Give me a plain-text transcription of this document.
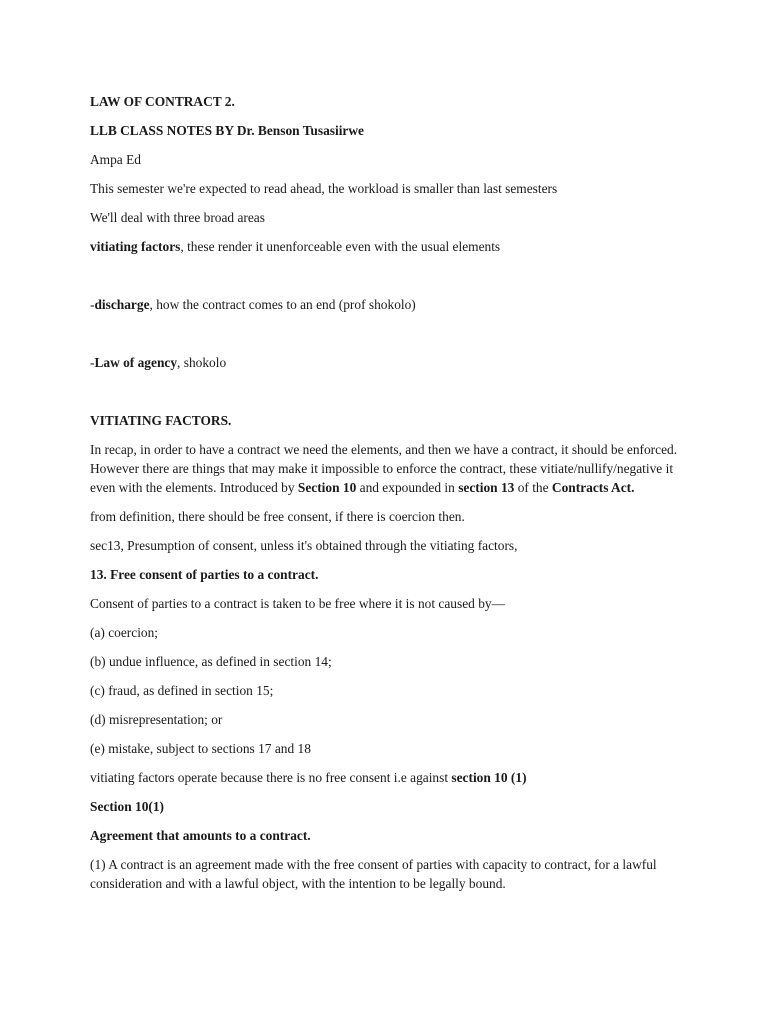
LAW OF CONTRACT 2.

LLB CLASS NOTES BY Dr. Benson Tusasiirwe

Ampa Ed

This semester we're expected to read ahead, the workload is smaller than last semesters

We'll deal with three broad areas

vitiating factors, these render it unenforceable even with the usual elements

-discharge, how the contract comes to an end (prof shokolo)

-Law of agency, shokolo

VITIATING FACTORS.

In recap, in order to have a contract we need the elements, and then we have a contract, it should be enforced. However there are things that may make it impossible to enforce the contract, these vitiate/nullify/negative it even with the elements. Introduced by Section 10 and expounded in section 13 of the Contracts Act.

from definition, there should be free consent, if there is coercion then.

sec13, Presumption of consent, unless it's obtained through the vitiating factors,

13. Free consent of parties to a contract.

Consent of parties to a contract is taken to be free where it is not caused by—

(a) coercion;

(b) undue influence, as defined in section 14;

(c) fraud, as defined in section 15;

(d) misrepresentation; or

(e) mistake, subject to sections 17 and 18

vitiating factors operate because there is no free consent i.e against section 10 (1)

Section 10(1)

Agreement that amounts to a contract.

(1) A contract is an agreement made with the free consent of parties with capacity to contract, for a lawful consideration and with a lawful object, with the intention to be legally bound.
